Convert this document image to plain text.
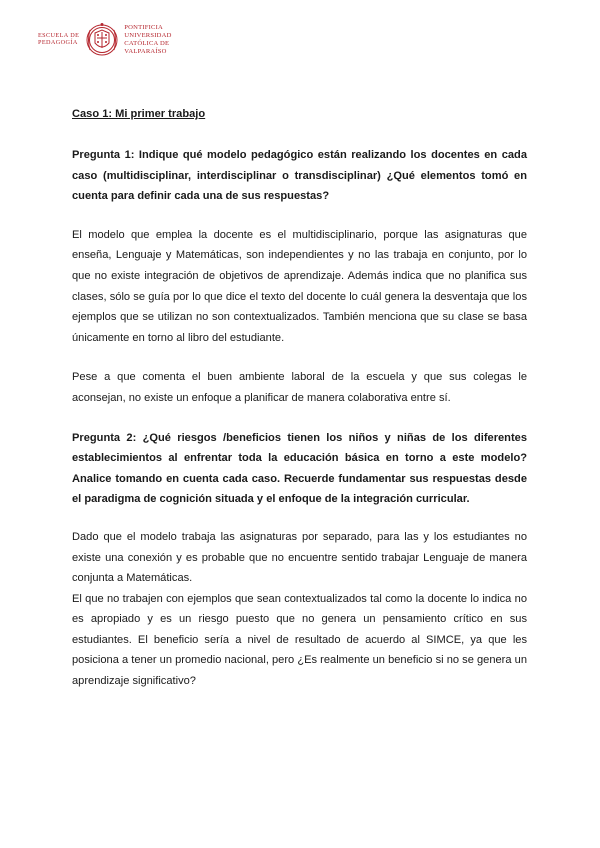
ESCUELA DE
PEDAGOGÍA
PONTIFICIA
UNIVERSIDAD
CATÓLICA DE
VALPARAÍSO

Caso 1: Mi primer trabajo

Pregunta 1: Indique qué modelo pedagógico están realizando los docentes en cada caso (multidisciplinar, interdisciplinar o transdisciplinar) ¿Qué elementos tomó en cuenta para definir cada una de sus respuestas?

El modelo que emplea la docente es el multidisciplinario, porque las asignaturas que enseña, Lenguaje y Matemáticas, son independientes y no las trabaja en conjunto, por lo que no existe integración de objetivos de aprendizaje. Además indica que no planifica sus clases, sólo se guía por lo que dice el texto del docente lo cuál genera la desventaja que los ejemplos que se utilizan no son contextualizados. También menciona que su clase se basa únicamente en torno al libro del estudiante.

Pese a que comenta el buen ambiente laboral de la escuela y que sus colegas le aconsejan, no existe un enfoque a planificar de manera colaborativa entre sí.

Pregunta 2: ¿Qué riesgos /beneficios tienen los niños y niñas de los diferentes establecimientos al enfrentar toda la educación básica en torno a este modelo? Analice tomando en cuenta cada caso. Recuerde fundamentar sus respuestas desde el paradigma de cognición situada y el enfoque de la integración curricular.

Dado que el modelo trabaja las asignaturas por separado, para las y los estudiantes no existe una conexión y es probable que no encuentre sentido trabajar Lenguaje de manera conjunta a Matemáticas.

El que no trabajen con ejemplos que sean contextualizados tal como la docente lo indica no es apropiado y es un riesgo puesto que no genera un pensamiento crítico en sus estudiantes. El beneficio sería a nivel de resultado de acuerdo al SIMCE, ya que les posiciona a tener un promedio nacional, pero ¿Es realmente un beneficio si no se genera un aprendizaje significativo?
